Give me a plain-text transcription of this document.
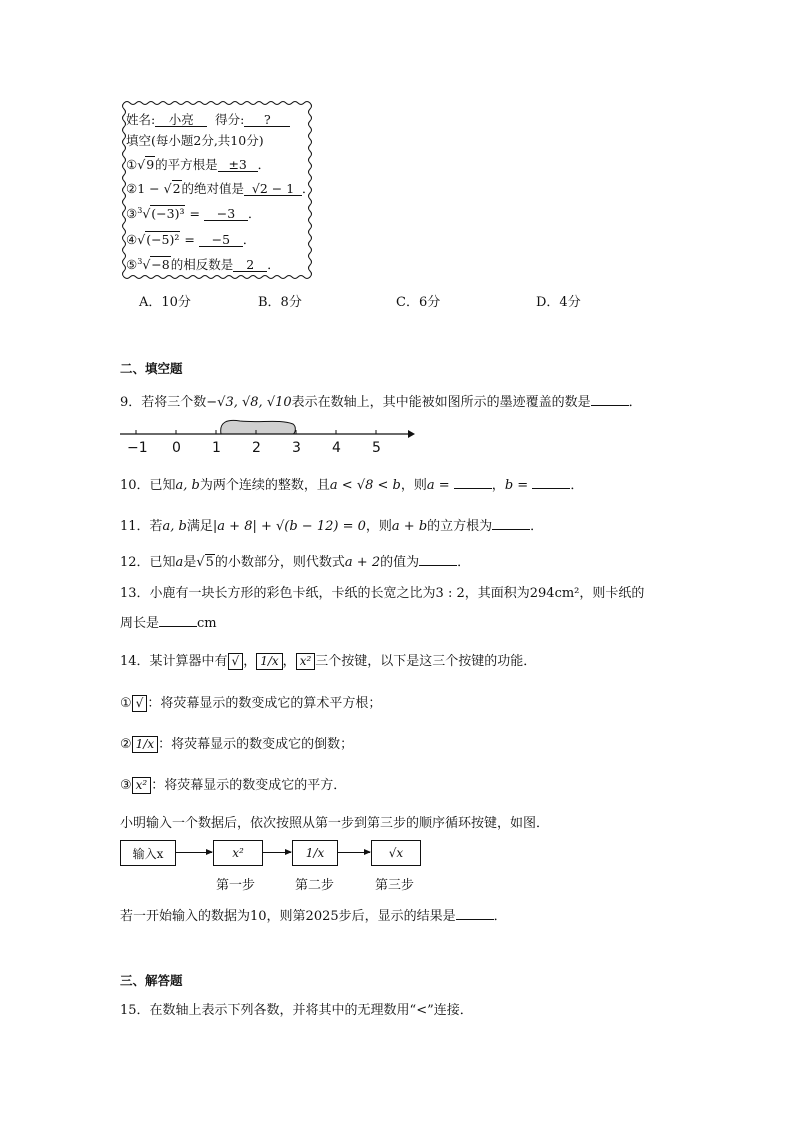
姓名: 小亮 得分: ?
填空(每小题2分,共10分)
①√9的平方根是 ±3 ．
②1 − √2的绝对值是 √2 − 1 ．
③$^3$√(−3)³ = −3 ．
④√(−5)² = −5 ．
⑤$^3$√−8的相反数是 2 ．
A．10分	B．8分	C．6分	D．4分
二、填空题
9．若将三个数−√3, √8, √10表示在数轴上，其中能被如图所示的墨迹覆盖的数是	．
−1 0 1 2 3 4 5
10．已知a, b为两个连续的整数，且a < √8 < b，则a =	，b =	．
11．若a, b满足|a + 8| + √(b − 12) = 0，则a + b的立方根为	．
12．已知a是√5的小数部分，则代数式a + 2的值为	．
13．小鹿有一块长方形的彩色卡纸，卡纸的长宽之比为3 : 2，其面积为294cm²，则卡纸的
周长是	cm
14．某计算器中有 √ ， 1/x ， x² 三个按键，以下是这三个按键的功能．
① √ ：将荧幕显示的数变成它的算术平方根；
② 1/x ：将荧幕显示的数变成它的倒数；
③ x² ：将荧幕显示的数变成它的平方．
小明输入一个数据后，依次按照从第一步到第三步的顺序循环按键，如图．
输入x	x²	1/x	√x
第一步	第二步	第三步
若一开始输入的数据为10，则第2025步后，显示的结果是	．
三、解答题
15．在数轴上表示下列各数，并将其中的无理数用“<”连接．
